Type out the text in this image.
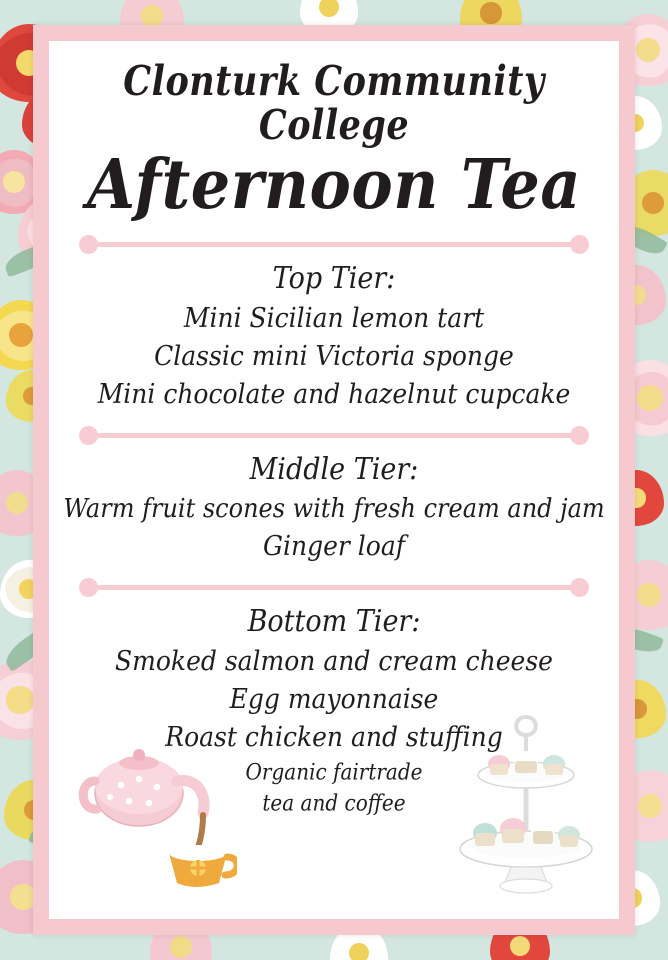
Clonturk Community College
Afternoon Tea
Top Tier:
Mini Sicilian lemon tart
Classic mini Victoria sponge
Mini chocolate and hazelnut cupcake
Middle Tier:
Warm fruit scones with fresh cream and jam
Ginger loaf
Bottom Tier:
Smoked salmon and cream cheese
Egg mayonnaise
Roast chicken and stuffing
Organic fairtrade
tea and coffee
